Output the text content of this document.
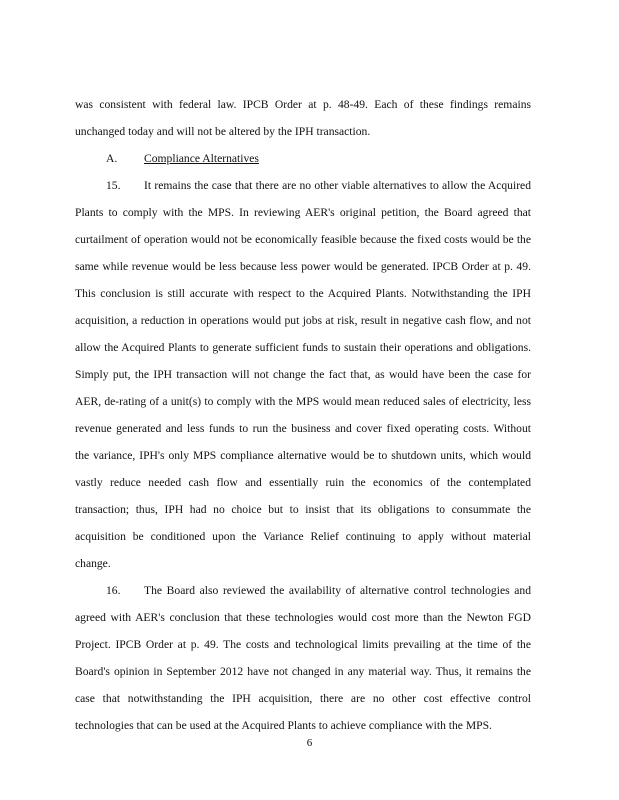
was consistent with federal law. IPCB Order at p. 48-49. Each of these findings remains
unchanged today and will not be altered by the IPH transaction.
A. Compliance Alternatives
15. It remains the case that there are no other viable alternatives to allow the Acquired
Plants to comply with the MPS. In reviewing AER's original petition, the Board agreed that
curtailment of operation would not be economically feasible because the fixed costs would be the
same while revenue would be less because less power would be generated. IPCB Order at p. 49.
This conclusion is still accurate with respect to the Acquired Plants. Notwithstanding the IPH
acquisition, a reduction in operations would put jobs at risk, result in negative cash flow, and not
allow the Acquired Plants to generate sufficient funds to sustain their operations and obligations.
Simply put, the IPH transaction will not change the fact that, as would have been the case for
AER, de-rating of a unit(s) to comply with the MPS would mean reduced sales of electricity, less
revenue generated and less funds to run the business and cover fixed operating costs. Without
the variance, IPH's only MPS compliance alternative would be to shutdown units, which would
vastly reduce needed cash flow and essentially ruin the economics of the contemplated
transaction; thus, IPH had no choice but to insist that its obligations to consummate the
acquisition be conditioned upon the Variance Relief continuing to apply without material
change.
16. The Board also reviewed the availability of alternative control technologies and
agreed with AER's conclusion that these technologies would cost more than the Newton FGD
Project. IPCB Order at p. 49. The costs and technological limits prevailing at the time of the
Board's opinion in September 2012 have not changed in any material way. Thus, it remains the
case that notwithstanding the IPH acquisition, there are no other cost effective control
technologies that can be used at the Acquired Plants to achieve compliance with the MPS.
6
